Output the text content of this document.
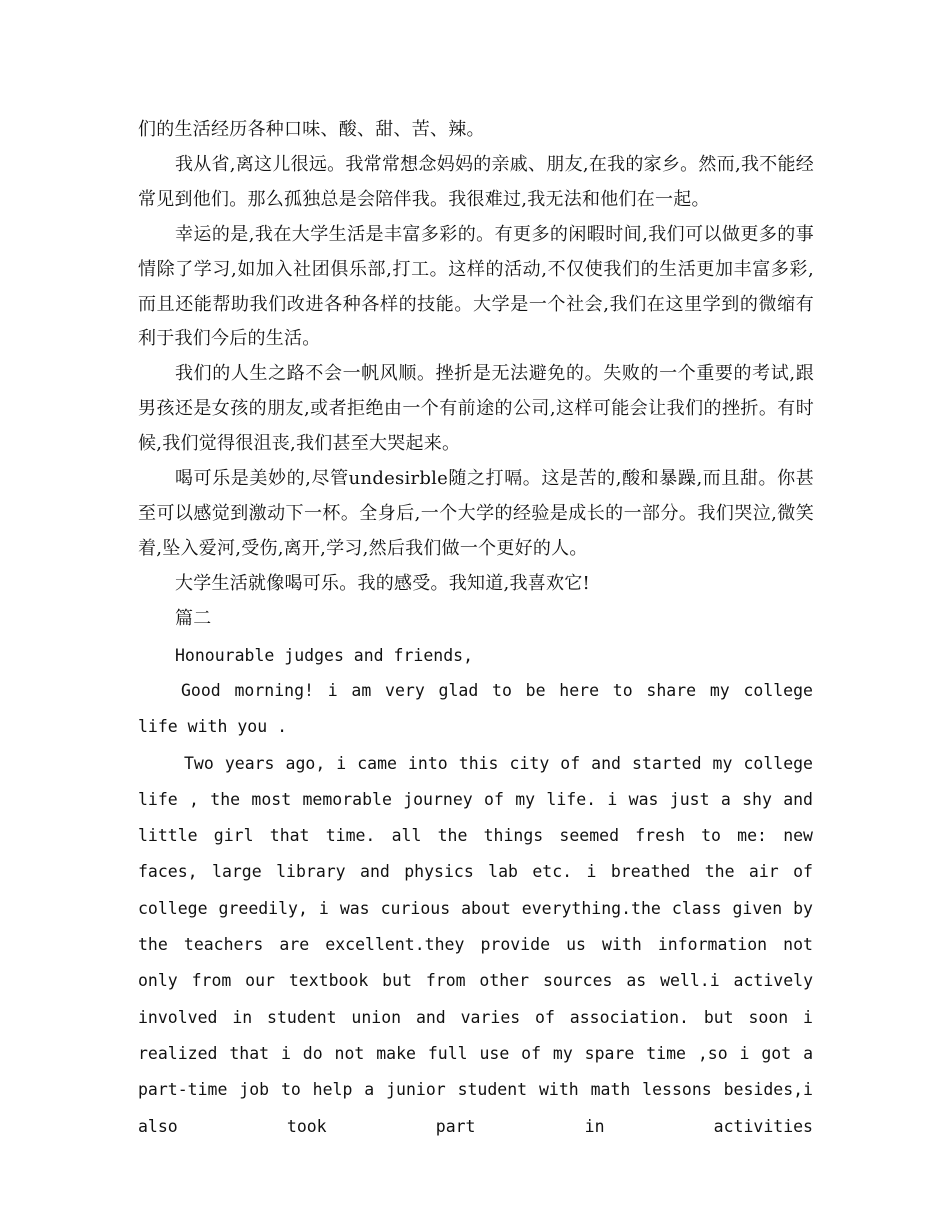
们的生活经历各种口味、酸、甜、苦、辣。

我从省,离这儿很远。我常常想念妈妈的亲戚、朋友,在我的家乡。然而,我不能经常见到他们。那么孤独总是会陪伴我。我很难过,我无法和他们在一起。

幸运的是,我在大学生活是丰富多彩的。有更多的闲暇时间,我们可以做更多的事情除了学习,如加入社团俱乐部,打工。这样的活动,不仅使我们的生活更加丰富多彩,而且还能帮助我们改进各种各样的技能。大学是一个社会,我们在这里学到的微缩有利于我们今后的生活。

我们的人生之路不会一帆风顺。挫折是无法避免的。失败的一个重要的考试,跟男孩还是女孩的朋友,或者拒绝由一个有前途的公司,这样可能会让我们的挫折。有时候,我们觉得很沮丧,我们甚至大哭起来。

喝可乐是美妙的,尽管undesirble随之打嗝。这是苦的,酸和暴躁,而且甜。你甚至可以感觉到激动下一杯。全身后,一个大学的经验是成长的一部分。我们哭泣,微笑着,坠入爱河,受伤,离开,学习,然后我们做一个更好的人。

大学生活就像喝可乐。我的感受。我知道,我喜欢它!

篇二

Honourable judges and friends,

Good morning! i am very glad to be here to share my college life with you .

Two years ago, i came into this city of and started my college life , the most memorable journey of my life. i was just a shy and little girl that time. all the things seemed fresh to me: new faces, large library and physics lab etc. i breathed the air of college greedily, i was curious about everything.the class given by the teachers are excellent.they provide us with information not only from our textbook but from other sources as well.i actively involved in student union and varies of association. but soon i realized that i do not make full use of my spare time ,so i got a part-time job to help a junior student with math lessons besides,i also took part in activities
